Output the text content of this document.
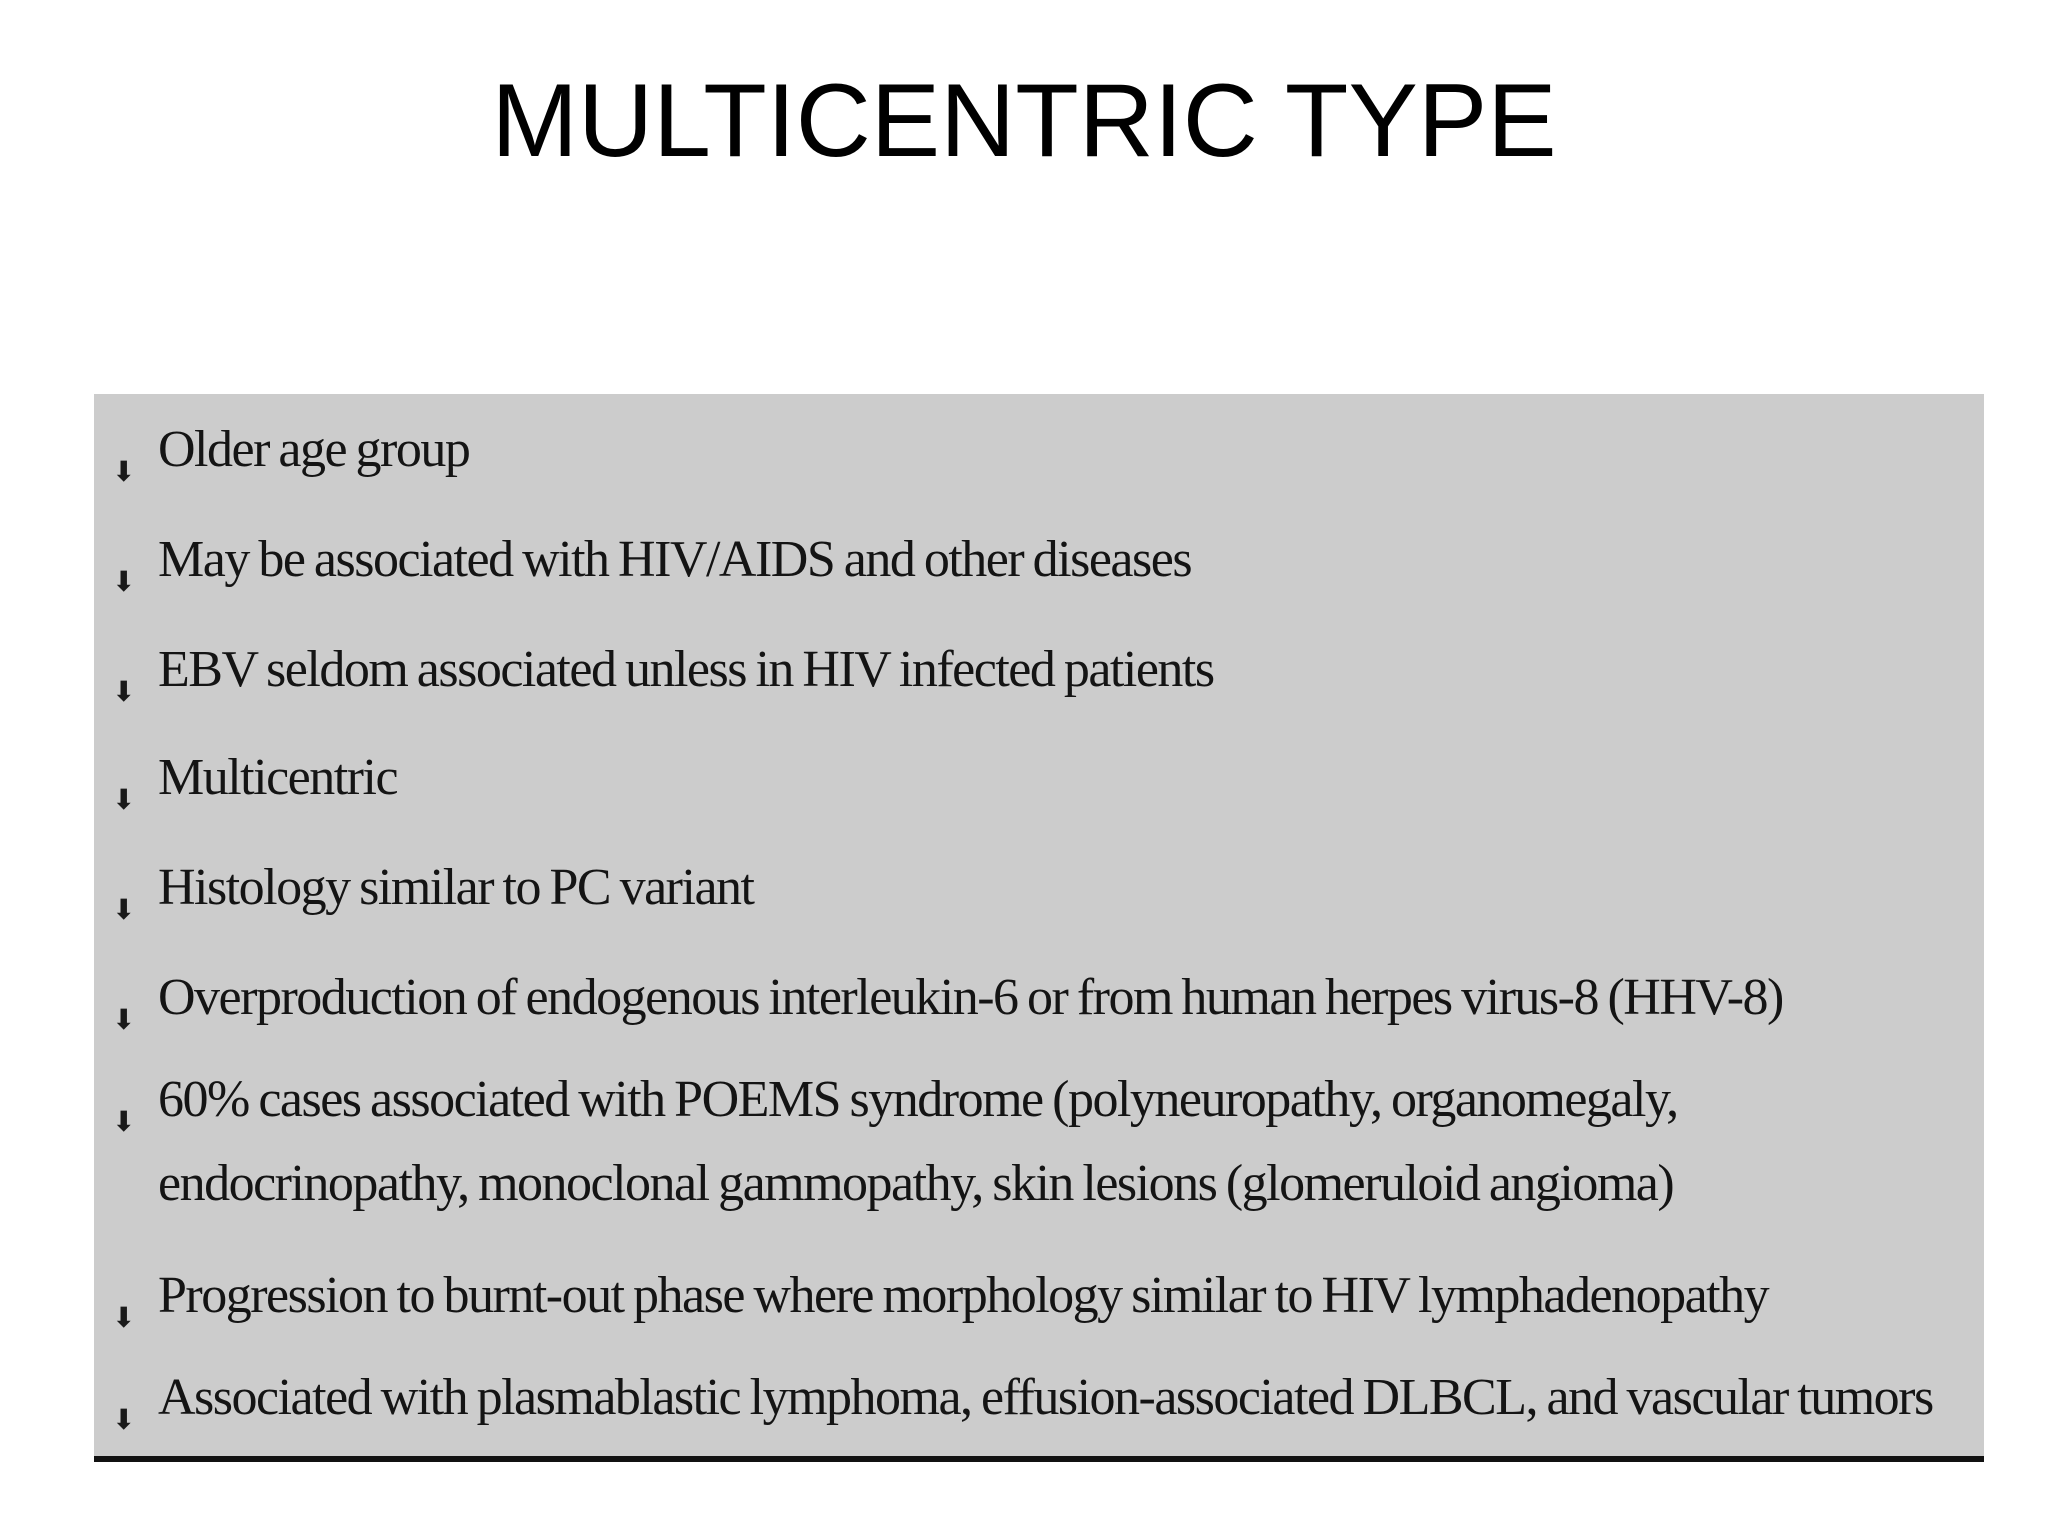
MULTICENTRIC TYPE
⬇ Older age group
⬇ May be associated with HIV/AIDS and other diseases
⬇ EBV seldom associated unless in HIV infected patients
⬇ Multicentric
⬇ Histology similar to PC variant
⬇ Overproduction of endogenous interleukin-6 or from human herpes virus-8 (HHV-8)
⬇ 60% cases associated with POEMS syndrome (polyneuropathy, organomegaly, endocrinopathy, monoclonal gammopathy, skin lesions (glomeruloid angioma)
⬇ Progression to burnt-out phase where morphology similar to HIV lymphadenopathy
⬇ Associated with plasmablastic lymphoma, effusion-associated DLBCL, and vascular tumors
